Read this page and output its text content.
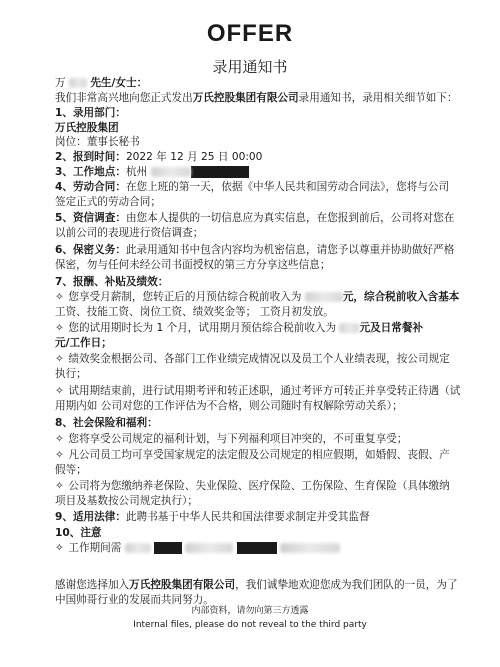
OFFER
录用通知书
万 先生/女士：
我们非常高兴地向您正式发出万氏控股集团有限公司录用通知书，录用相关细节如下：
1、录用部门：
万氏控股集团
岗位：董事长秘书
2、报到时间：2022 年 12 月 25 日 00:00
3、工作地点：杭州
4、劳动合同：在您上班的第一天，依据《中华人民共和国劳动合同法》，您将与公司
签定正式的劳动合同；
5、资信调查：由您本人提供的一切信息应为真实信息，在您报到前后，公司将对您在
以前公司的表现进行资信调查；
6、保密义务：此录用通知书中包含内容均为机密信息，请您予以尊重并协助做好严格
保密，勿与任何未经公司书面授权的第三方分享这些信息；
7、报酬、补贴及绩效：
✧ 您享受月薪制，您转正后的月预估综合税前收入为	元，综合税前收入含基本
工资、技能工资、岗位工资、绩效奖金等； 工资月初发放。
✧ 您的试用期时长为 1 个月，试用期月预估综合税前收入为 元及日常餐补
元/工作日；
✧ 绩效奖金根据公司、各部门工作业绩完成情况以及员工个人业绩表现，按公司规定
执行；
✧ 试用期结束前，进行试用期考评和转正述职，通过考评方可转正并享受转正待遇（试
用期内如 公司对您的工作评估为不合格，则公司随时有权解除劳动关系）；
8、社会保险和福利：
✧ 您将享受公司规定的福利计划，与下列福利项目冲突的，不可重复享受；
✧ 凡公司员工均可享受国家规定的法定假及公司规定的相应假期，如婚假、丧假、产
假等；
✧ 公司将为您缴纳养老保险、失业保险、医疗保险、工伤保险、生育保险（具体缴纳
项目及基数按公司规定执行）；
9、适用法律：此聘书基于中华人民共和国法律要求制定并受其监督
10、注意
✧ 工作期间需
感谢您选择加入万氏控股集团有限公司，我们诚挚地欢迎您成为我们团队的一员，为了
中国帅哥行业的发展而共同努力。
内部资料，请勿向第三方透露
Internal files, please do not reveal to the third party
